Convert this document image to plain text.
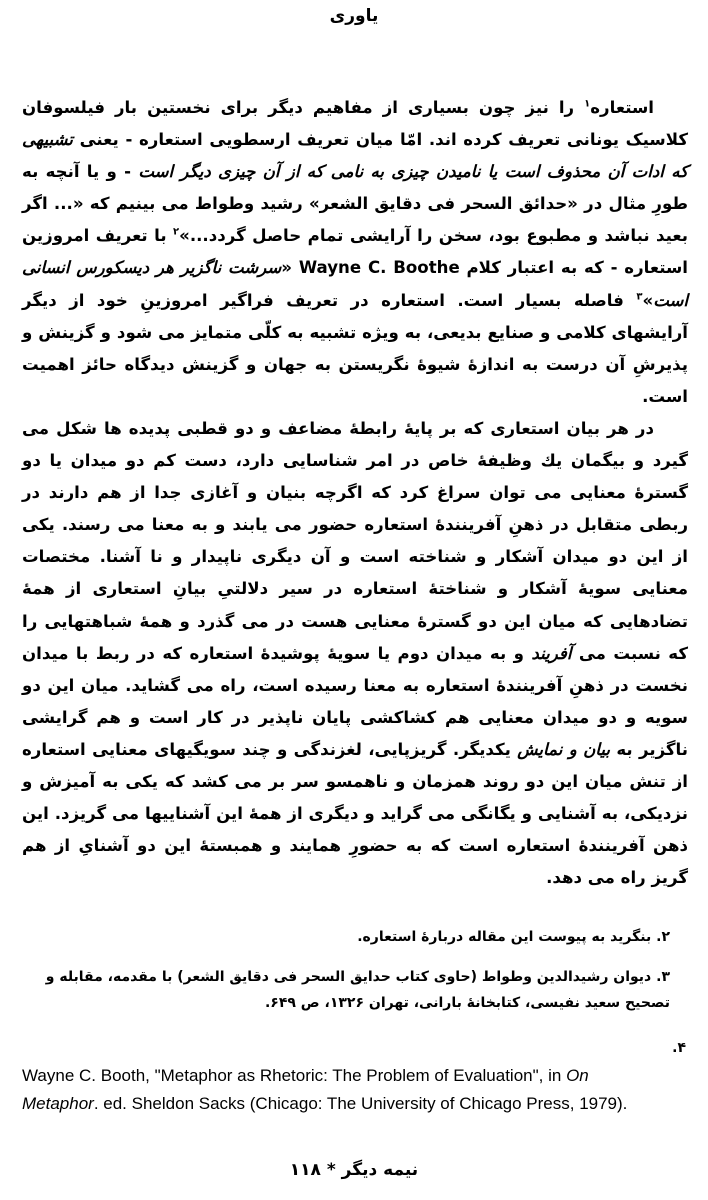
یاوری

استعاره$^۱$ را نیز چون بسیاری از مفاهیم دیگر برای نخستین بار فیلسوفان کلاسیک یونانی تعریف کرده اند. امّا میان تعریف ارسطویی استعاره - یعنی تشبیهی که ادات آن محذوف است یا نامیدن چیزی به نامی که از آن چیزی دیگر است - و یا آنچه به طورِ مثال در «حدائق السحر فی دقایق الشعر» رشید وطواط می بینیم که «... اگر بعید نباشد و مطبوع بود، سخن را آرایشی تمام حاصل گردد...»$^۲$ با تعریف امروزین استعاره - که به اعتبار کلام Wayne C. Boothe «سرشت ناگزیر هر دیسکورس انسانی است»$^۳$ فاصله بسیار است. استعاره در تعریف فراگیر امروزینِ خود از دیگر آرایشهای کلامی و صنایع بدیعی، به ویژه تشبیه به کلّی متمایز می شود و گزینش و پذیرشِ آن درست به اندازهٔ شیوهٔ نگریستن به جهان و گزینش دیدگاه حائز اهمیت است.

در هر بیان استعاری که بر پایهٔ رابطهٔ مضاعف و دو قطبی پدیده ها شکل می گیرد و بیگمان یك وظیفهٔ خاص در امر شناسایی دارد، دست کم دو میدان یا دو گسترهٔ معنایی می توان سراغ کرد که اگرچه بنیان و آغازی جدا از هم دارند در ربطی متقابل در ذهنِ آفرینندهٔ استعاره حضور می یابند و به معنا می رسند. یکی از این دو میدان آشکار و شناخته است و آن دیگری ناپیدار و نا آشنا. مختصات معنایی سویهٔ آشکار و شناختهٔ استعاره در سیر دلالتیِ بیانِ استعاری از همهٔ تضادهایی که میان این دو گسترهٔ معنایی هست در می گذرد و همهٔ شباهتهایی را که نسبت می آفریند و به میدان دوم یا سویهٔ پوشیدهٔ استعاره که در ربط با میدان نخست در ذهنِ آفرینندهٔ استعاره به معنا رسیده است، راه می گشاید. میان این دو سویه و دو میدان معنایی هم کشاکشی پایان ناپذیر در کار است و هم گرایشی ناگزیر به بیان و نمایش یکدیگر. گریزپایی، لغزندگی و چند سویگیهای معنایی استعاره از تنش میان این دو روند همزمان و ناهمسو سر بر می کشد که یکی به آمیزش و نزدیکی، به آشنایی و یگانگی می گراید و دیگری از همهٔ این آشناییها می گریزد. این ذهن آفرینندهٔ استعاره است که به حضورِ همایند و همبستهٔ این دو آشنایِ از هم گریز راه می دهد.

۲. بنگرید به پیوست این مقاله دربارهٔ استعاره.

۳. دیوان رشیدالدین وطواط (حاوی کتاب حدایق السحر فی دقایق الشعر) با مقدمه، مقابله و تصحیح سعید نفیسی، کتابخانهٔ بارانی، تهران ۱۳۲۶، ص ۶۴۹.

۴.
Wayne C. Booth, "Metaphor as Rhetoric: The Problem of Evaluation", in On Metaphor. ed. Sheldon Sacks (Chicago: The University of Chicago Press, 1979).
نیمه دیگر * ۱۱۸
